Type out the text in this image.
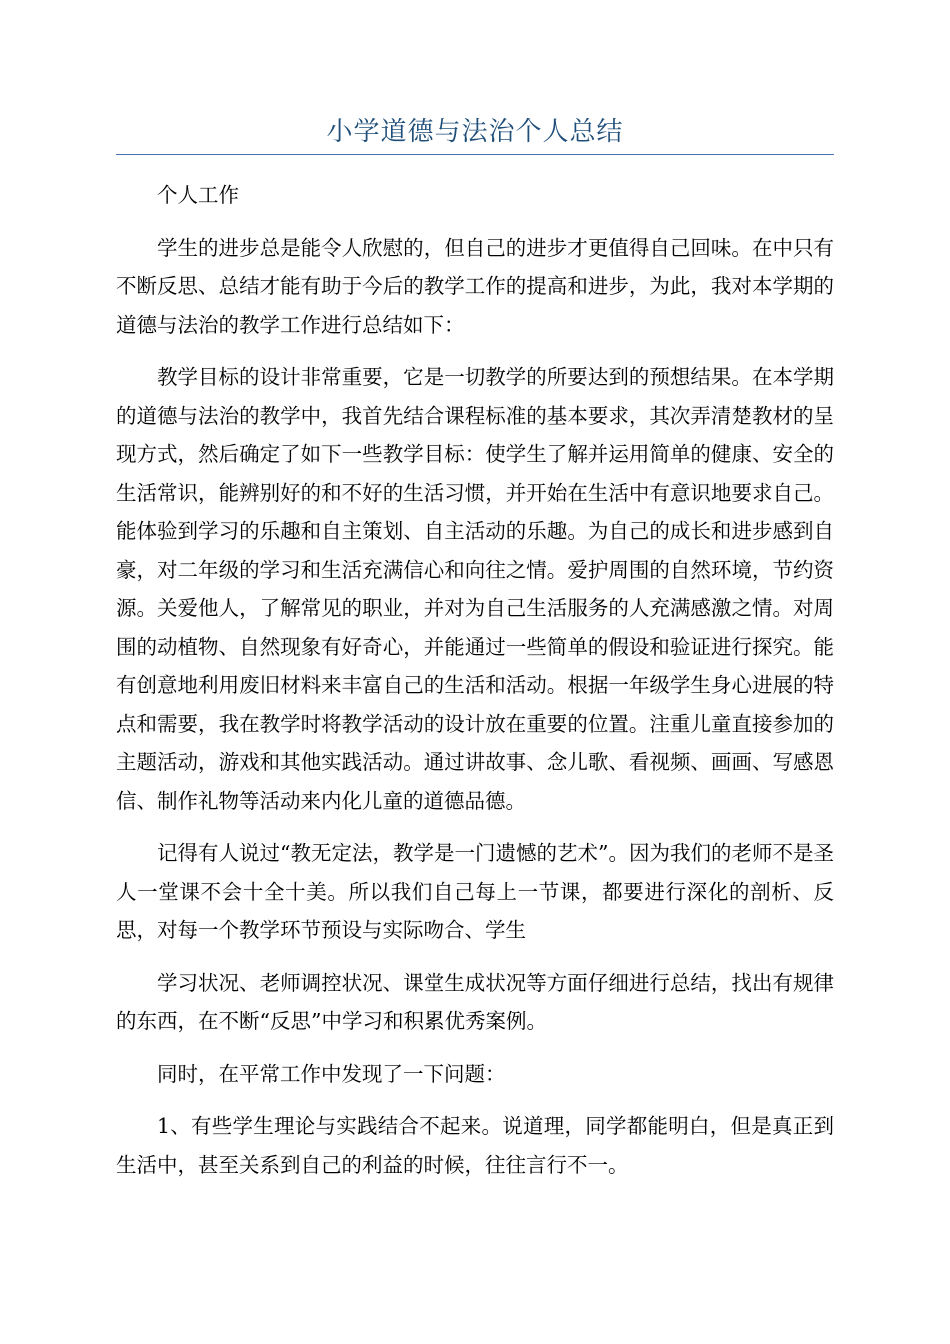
小学道德与法治个人总结

个人工作

学生的进步总是能令人欣慰的，但自己的进步才更值得自己回味。在中只有不断反思、总结才能有助于今后的教学工作的提高和进步，为此，我对本学期的道德与法治的教学工作进行总结如下：

教学目标的设计非常重要，它是一切教学的所要达到的预想结果。在本学期的道德与法治的教学中，我首先结合课程标准的基本要求，其次弄清楚教材的呈现方式，然后确定了如下一些教学目标：使学生了解并运用简单的健康、安全的生活常识，能辨别好的和不好的生活习惯，并开始在生活中有意识地要求自己。能体验到学习的乐趣和自主策划、自主活动的乐趣。为自己的成长和进步感到自豪，对二年级的学习和生活充满信心和向往之情。爱护周围的自然环境，节约资源。关爱他人，了解常见的职业，并对为自己生活服务的人充满感激之情。对周围的动植物、自然现象有好奇心，并能通过一些简单的假设和验证进行探究。能有创意地利用废旧材料来丰富自己的生活和活动。根据一年级学生身心进展的特点和需要，我在教学时将教学活动的设计放在重要的位置。注重儿童直接参加的主题活动，游戏和其他实践活动。通过讲故事、念儿歌、看视频、画画、写感恩信、制作礼物等活动来内化儿童的道德品德。

记得有人说过“教无定法，教学是一门遗憾的艺术”。因为我们的老师不是圣人一堂课不会十全十美。所以我们自己每上一节课，都要进行深化的剖析、反思，对每一个教学环节预设与实际吻合、学生

学习状况、老师调控状况、课堂生成状况等方面仔细进行总结，找出有规律的东西，在不断“反思”中学习和积累优秀案例。

同时，在平常工作中发现了一下问题：

1、有些学生理论与实践结合不起来。说道理，同学都能明白，但是真正到生活中，甚至关系到自己的利益的时候，往往言行不一。
